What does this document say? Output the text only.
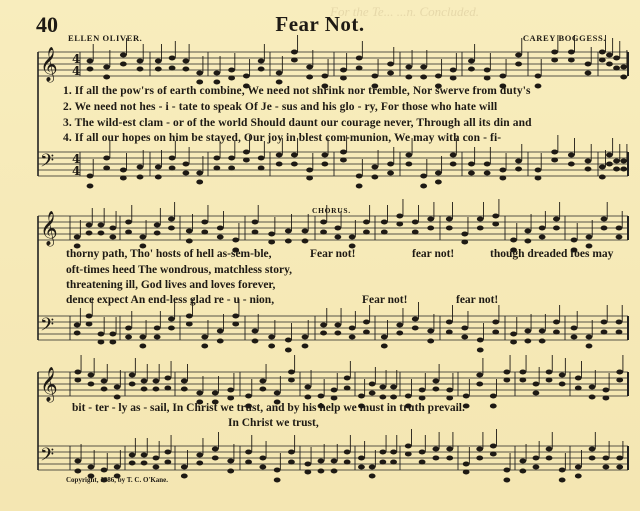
For the Te... ...n. Concluded.
40	Fear Not.
ELLEN OLIVER.	CAREY BOGGESS.
𝄞
𝄢
𝄞
𝄢
𝄞
𝄢
4
4
4
4
1. If all the pow'rs of earth combine, We need not shrink nor tremble, Nor swerve from duty's
2. We need not hes - i - tate to speak Of Je - sus and his glo - ry, For those who hate will
3. The wild-est clam - or of the world Should daunt our courage never, Through all its din and
4. If all our hopes on him be stayed, Our joy in blest com-munion, We may with con - fi-
CHORUS.
thorny path, Tho' hosts of hell as-sem-ble,
oft-times heed The wondrous, matchless story,
threatening ill, God lives and loves forever,
dence expect An end-less glad re - u - nion,
Fear not!	fear not!
Fear not!	fear not!
though dreaded foes may
bit - ter - ly as - sail, In Christ we trust, and by his help we must in truth prevail.
In Christ we trust,
Copyright, 1886, by T. C. O'Kane.
